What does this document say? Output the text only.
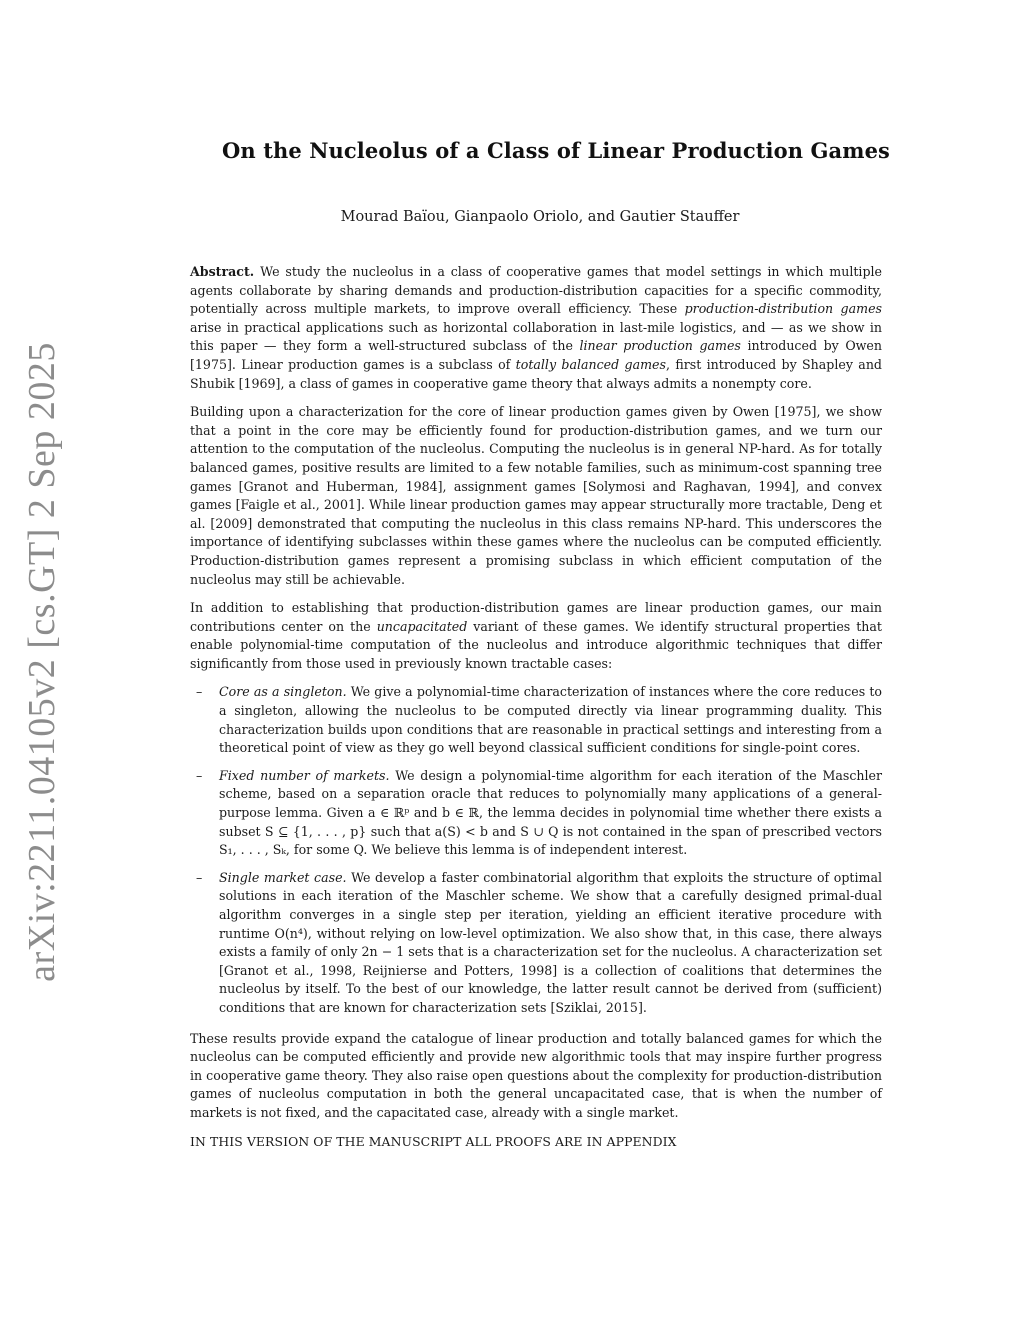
arXiv:2211.04105v2 [cs.GT] 2 Sep 2025
On the Nucleolus of a Class of Linear Production Games
Mourad Baïou, Gianpaolo Oriolo, and Gautier Stauffer

Abstract. We study the nucleolus in a class of cooperative games that model settings in which multiple agents collaborate by sharing demands and production-distribution capacities for a specific commodity, potentially across multiple markets, to improve overall efficiency. These production-distribution games arise in practical applications such as horizontal collaboration in last-mile logistics, and — as we show in this paper — they form a well-structured subclass of the linear production games introduced by Owen [1975]. Linear production games is a subclass of totally balanced games, first introduced by Shapley and Shubik [1969], a class of games in cooperative game theory that always admits a nonempty core.

Building upon a characterization for the core of linear production games given by Owen [1975], we show that a point in the core may be efficiently found for production-distribution games, and we turn our attention to the computation of the nucleolus. Computing the nucleolus is in general NP-hard. As for totally balanced games, positive results are limited to a few notable families, such as minimum-cost spanning tree games [Granot and Huberman, 1984], assignment games [Solymosi and Raghavan, 1994], and convex games [Faigle et al., 2001]. While linear production games may appear structurally more tractable, Deng et al. [2009] demonstrated that computing the nucleolus in this class remains NP-hard. This underscores the importance of identifying subclasses within these games where the nucleolus can be computed efficiently. Production-distribution games represent a promising subclass in which efficient computation of the nucleolus may still be achievable.

In addition to establishing that production-distribution games are linear production games, our main contributions center on the uncapacitated variant of these games. We identify structural properties that enable polynomial-time computation of the nucleolus and introduce algorithmic techniques that differ significantly from those used in previously known tractable cases:

– Core as a singleton. We give a polynomial-time characterization of instances where the core reduces to a singleton, allowing the nucleolus to be computed directly via linear programming duality. This characterization builds upon conditions that are reasonable in practical settings and interesting from a theoretical point of view as they go well beyond classical sufficient conditions for single-point cores.
– Fixed number of markets. We design a polynomial-time algorithm for each iteration of the Maschler scheme, based on a separation oracle that reduces to polynomially many applications of a general-purpose lemma. Given a ∈ ℝᵖ and b ∈ ℝ, the lemma decides in polynomial time whether there exists a subset S ⊆ {1, . . . , p} such that a(S) < b and S ∪ Q is not contained in the span of prescribed vectors S₁, . . . , Sₖ, for some Q. We believe this lemma is of independent interest.
– Single market case. We develop a faster combinatorial algorithm that exploits the structure of optimal solutions in each iteration of the Maschler scheme. We show that a carefully designed primal-dual algorithm converges in a single step per iteration, yielding an efficient iterative procedure with runtime O(n⁴), without relying on low-level optimization. We also show that, in this case, there always exists a family of only 2n − 1 sets that is a characterization set for the nucleolus. A characterization set [Granot et al., 1998, Reijnierse and Potters, 1998] is a collection of coalitions that determines the nucleolus by itself. To the best of our knowledge, the latter result cannot be derived from (sufficient) conditions that are known for characterization sets [Sziklai, 2015].

These results provide expand the catalogue of linear production and totally balanced games for which the nucleolus can be computed efficiently and provide new algorithmic tools that may inspire further progress in cooperative game theory. They also raise open questions about the complexity for production-distribution games of nucleolus computation in both the general uncapacitated case, that is when the number of markets is not fixed, and the capacitated case, already with a single market.

IN THIS VERSION OF THE MANUSCRIPT ALL PROOFS ARE IN APPENDIX
